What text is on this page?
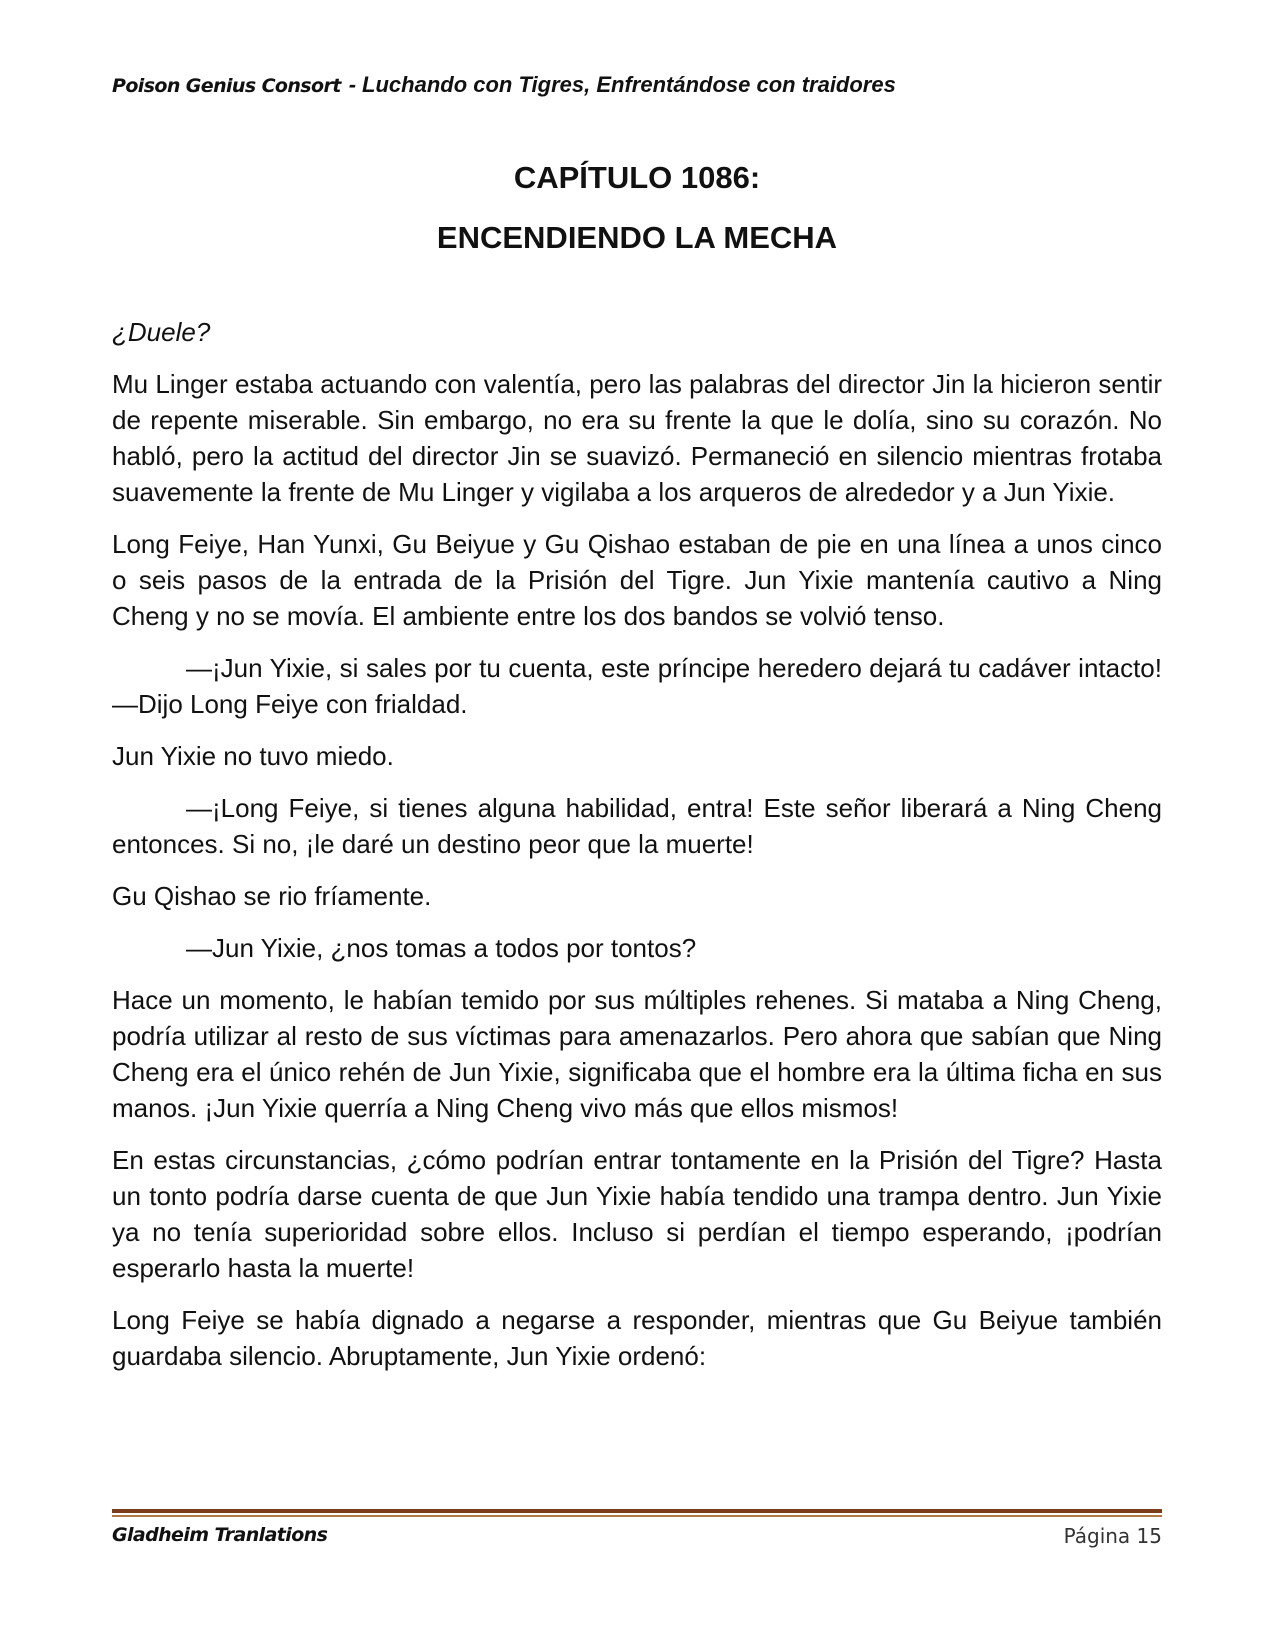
Poison Genius Consort - Luchando con Tigres, Enfrentándose con traidores
CAPÍTULO 1086:
ENCENDIENDO LA MECHA

¿Duele?

Mu Linger estaba actuando con valentía, pero las palabras del director Jin la hicieron sentir de repente miserable. Sin embargo, no era su frente la que le dolía, sino su corazón. No habló, pero la actitud del director Jin se suavizó. Permaneció en silencio mientras frotaba suavemente la frente de Mu Linger y vigilaba a los arqueros de alrededor y a Jun Yixie.

Long Feiye, Han Yunxi, Gu Beiyue y Gu Qishao estaban de pie en una línea a unos cinco o seis pasos de la entrada de la Prisión del Tigre. Jun Yixie mantenía cautivo a Ning Cheng y no se movía. El ambiente entre los dos bandos se volvió tenso.

—¡Jun Yixie, si sales por tu cuenta, este príncipe heredero dejará tu cadáver intacto! —Dijo Long Feiye con frialdad.

Jun Yixie no tuvo miedo.

—¡Long Feiye, si tienes alguna habilidad, entra! Este señor liberará a Ning Cheng entonces. Si no, ¡le daré un destino peor que la muerte!

Gu Qishao se rio fríamente.

—Jun Yixie, ¿nos tomas a todos por tontos?

Hace un momento, le habían temido por sus múltiples rehenes. Si mataba a Ning Cheng, podría utilizar al resto de sus víctimas para amenazarlos. Pero ahora que sabían que Ning Cheng era el único rehén de Jun Yixie, significaba que el hombre era la última ficha en sus manos. ¡Jun Yixie querría a Ning Cheng vivo más que ellos mismos!

En estas circunstancias, ¿cómo podrían entrar tontamente en la Prisión del Tigre? Hasta un tonto podría darse cuenta de que Jun Yixie había tendido una trampa dentro. Jun Yixie ya no tenía superioridad sobre ellos. Incluso si perdían el tiempo esperando, ¡podrían esperarlo hasta la muerte!

Long Feiye se había dignado a negarse a responder, mientras que Gu Beiyue también guardaba silencio. Abruptamente, Jun Yixie ordenó:

Gladheim Tranlations	Página 15
